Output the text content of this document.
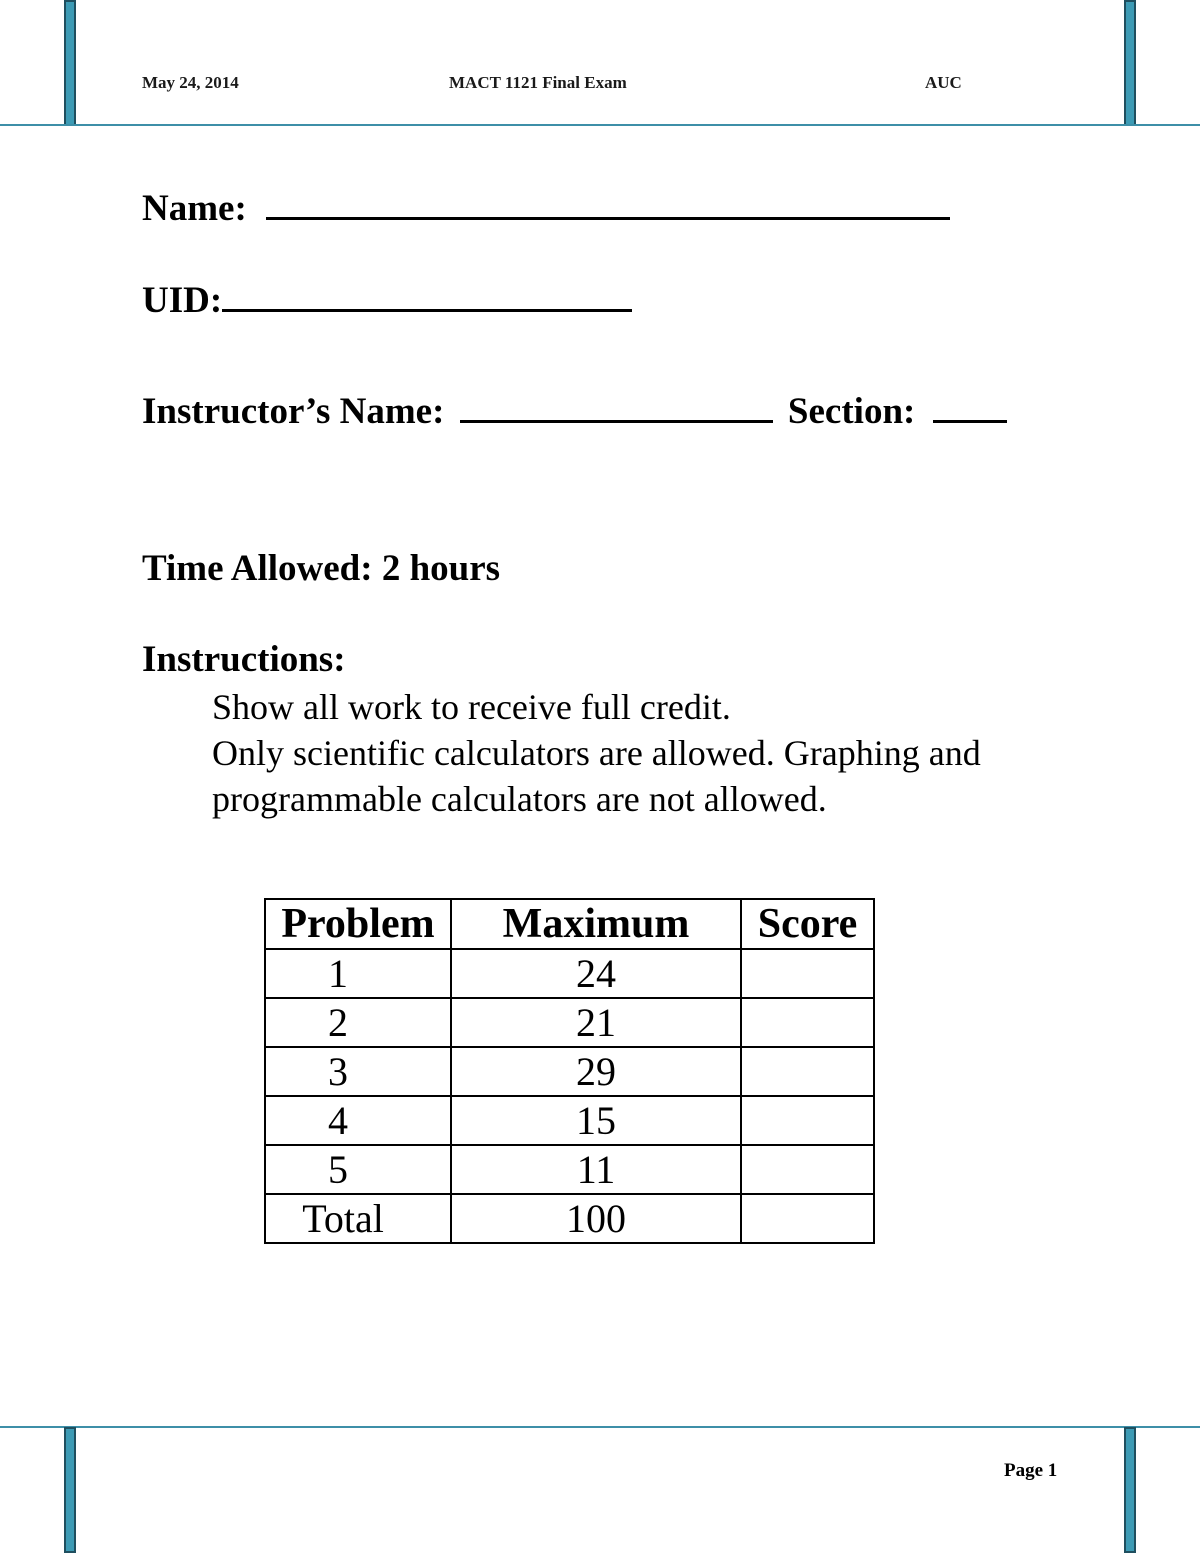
May 24, 2014	MACT 1121 Final Exam	AUC
Name:
UID:
Instructor’s Name:	Section:
Time Allowed: 2 hours
Instructions:
Show all work to receive full credit.
Only scientific calculators are allowed. Graphing and
programmable calculators are not allowed.
Problem	Maximum	Score
1	24	
2	21	
3	29	
4	15	
5	11	
Total	100	
Page 1
